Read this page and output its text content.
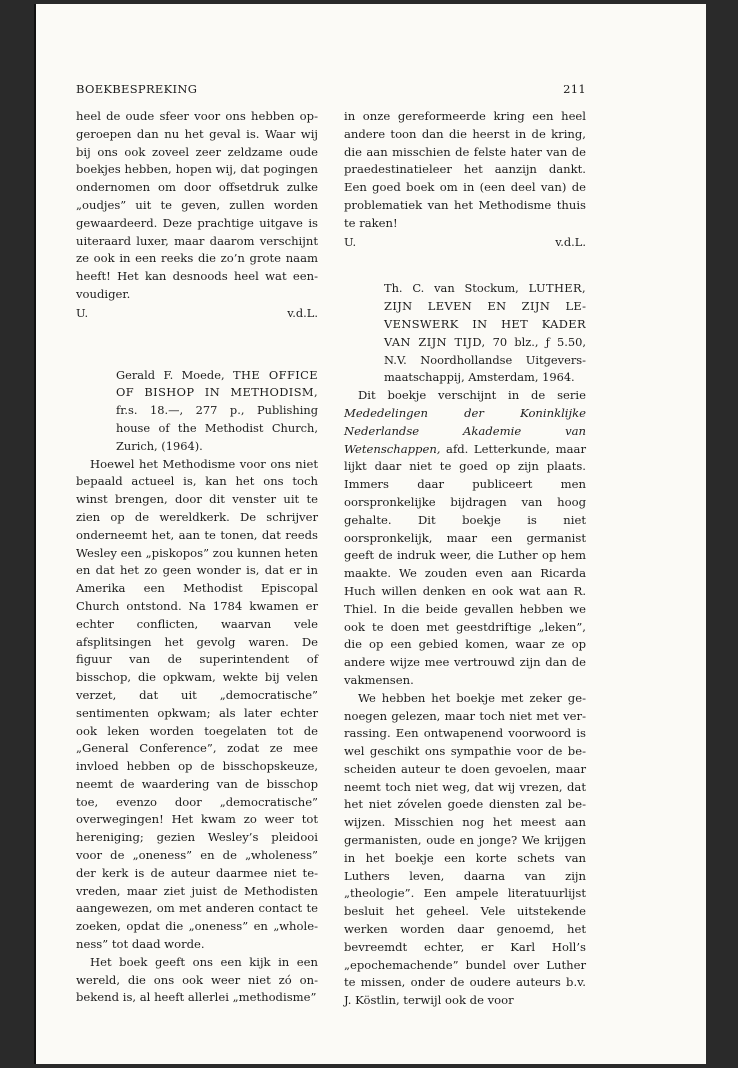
BOEKBESPREKING	211

heel de oude sfeer voor ons hebben opgeroepen dan nu het geval is. Waar wij bij ons ook zoveel zeer zeldzame oude boekjes hebben, hopen wij, dat pogingen ondernomen om door offsetdruk zulke „oudjes” uit te geven, zullen worden gewaardeerd. Deze prachtige uitgave is uiteraard luxer, maar daarom verschijnt ze ook in een reeks die zo’n grote naam heeft! Het kan desnoods heel wat eenvoudiger.

U.	v.d.L.
Gerald F. Moede, THE OFFICE OF BISHOP IN METHODISM, fr.s. 18.—, 277 p., Publishing house of the Methodist Church, Zurich, (1964).

Hoewel het Methodisme voor ons niet bepaald actueel is, kan het ons toch winst brengen, door dit venster uit te zien op de wereldkerk. De schrijver onderneemt het, aan te tonen, dat reeds Wesley een „piskopos” zou kunnen heten en dat het zo geen wonder is, dat er in Amerika een Methodist Episcopal Church ontstond. Na 1784 kwamen er echter conflicten, waarvan vele afsplitsingen het gevolg waren. De figuur van de superintendent of bisschop, die opkwam, wekte bij velen verzet, dat uit „democratische” sentimenten opkwam; als later echter ook leken worden toegelaten tot de „General Conference”, zodat ze mee invloed hebben op de bisschopskeuze, neemt de waardering van de bisschop toe, evenzo door „democratische” overwegingen! Het kwam zo weer tot hereniging; gezien Wesley’s pleidooi voor de „oneness” en de „wholeness” der kerk is de auteur daarmee niet tevreden, maar ziet juist de Methodisten aangewezen, om met anderen contact te zoeken, opdat die „oneness” en „wholeness” tot daad worde.

Het boek geeft ons een kijk in een wereld, die ons ook weer niet zó onbekend is, al heeft allerlei „methodisme”

in onze gereformeerde kring een heel andere toon dan die heerst in de kring, die aan misschien de felste hater van de praedestinatieleer het aanzijn dankt. Een goed boek om in (een deel van) de problematiek van het Methodisme thuis te raken!

U.	v.d.L.
Th. C. van Stockum, LUTHER, ZIJN LEVEN EN ZIJN LEVENSWERK IN HET KADER VAN ZIJN TIJD, 70 blz., ƒ 5.50, N.V. Noordhollandse Uitgeversmaatschappij, Amsterdam, 1964.

Dit boekje verschijnt in de serie Mededelingen der Koninklijke Nederlandse Akademie van Wetenschappen, afd. Letterkunde, maar lijkt daar niet te goed op zijn plaats. Immers daar publiceert men oorspronkelijke bijdragen van hoog gehalte. Dit boekje is niet oorspronkelijk, maar een germanist geeft de indruk weer, die Luther op hem maakte. We zouden even aan Ricarda Huch willen denken en ook wat aan R. Thiel. In die beide gevallen hebben we ook te doen met geestdriftige „leken”, die op een gebied komen, waar ze op andere wijze mee vertrouwd zijn dan de vakmensen.

We hebben het boekje met zeker genoegen gelezen, maar toch niet met verrassing. Een ontwapenend voorwoord is wel geschikt ons sympathie voor de bescheiden auteur te doen gevoelen, maar neemt toch niet weg, dat wij vrezen, dat het niet zóvelen goede diensten zal bewijzen. Misschien nog het meest aan germanisten, oude en jonge? We krijgen in het boekje een korte schets van Luthers leven, daarna van zijn „theologie”. Een ampele literatuurlijst besluit het geheel. Vele uitstekende werken worden daar genoemd, het bevreemdt echter, er Karl Holl’s „epochemachende” bundel over Luther te missen, onder de oudere auteurs b.v. J. Köstlin, terwijl ook de voor
